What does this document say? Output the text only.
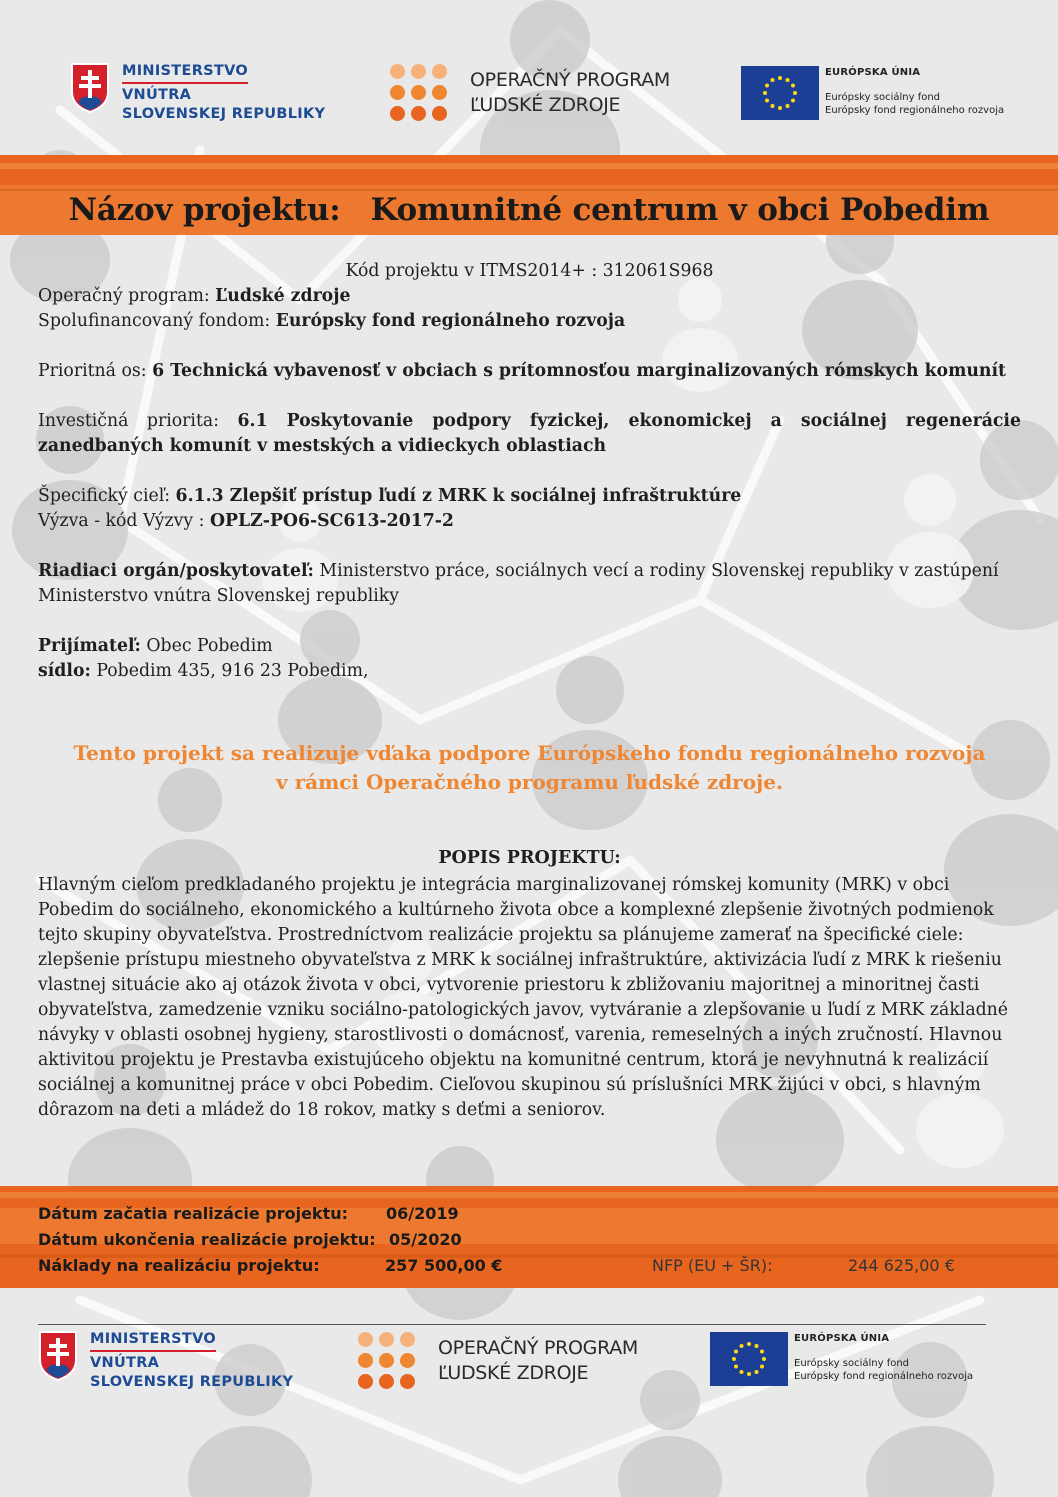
MINISTERSTVO
VNÚTRA
SLOVENSKEJ REPUBLIKY
OPERAČNÝ PROGRAM
ĽUDSKÉ ZDROJE
EURÓPSKA ÚNIA
Európsky sociálny fond
Európsky fond regionálneho rozvoja
Názov projektu: Komunitné centrum v obci Pobedim
Kód projektu v ITMS2014+ : 312061S968
Operačný program: Ľudské zdroje
Spolufinancovaný fondom: Európsky fond regionálneho rozvoja
Prioritná os: 6 Technická vybavenosť v obciach s prítomnosťou marginalizovaných rómskych komunít
Investičná priorita: 6.1 Poskytovanie podpory fyzickej, ekonomickej a sociálnej regenerácie zanedbaných komunít v mestských a vidieckych oblastiach
Špecifický cieľ: 6.1.3 Zlepšiť prístup ľudí z MRK k sociálnej infraštruktúre
Výzva - kód Výzvy : OPLZ-PO6-SC613-2017-2
Riadiaci orgán/poskytovateľ: Ministerstvo práce, sociálnych vecí a rodiny Slovenskej republiky v zastúpení Ministerstvo vnútra Slovenskej republiky
Prijímateľ: Obec Pobedim
sídlo: Pobedim 435, 916 23 Pobedim,
Tento projekt sa realizuje vďaka podpore Európskeho fondu regionálneho rozvoja
v rámci Operačného programu ľudské zdroje.
POPIS PROJEKTU:
Hlavným cieľom predkladaného projektu je integrácia marginalizovanej rómskej komunity (MRK) v obci Pobedim do sociálneho, ekonomického a kultúrneho života obce a komplexné zlepšenie životných podmienok tejto skupiny obyvateľstva. Prostredníctvom realizácie projektu sa plánujeme zamerať na špecifické ciele: zlepšenie prístupu miestneho obyvateľstva z MRK k sociálnej infraštruktúre, aktivizácia ľudí z MRK k riešeniu vlastnej situácie ako aj otázok života v obci, vytvorenie priestoru k zbližovaniu majoritnej a minoritnej časti obyvateľstva, zamedzenie vzniku sociálno-patologických javov, vytváranie a zlepšovanie u ľudí z MRK základné návyky v oblasti osobnej hygieny, starostlivosti o domácnosť, varenia, remeselných a iných zručností. Hlavnou aktivitou projektu je Prestavba existujúceho objektu na komunitné centrum, ktorá je nevyhnutná k realizácií sociálnej a komunitnej práce v obci Pobedim. Cieľovou skupinou sú príslušníci MRK žijúci v obci, s hlavným dôrazom na deti a mládež do 18 rokov, matky s deťmi a seniorov.
Dátum začatia realizácie projektu: 06/2019
Dátum ukončenia realizácie projektu: 05/2020
Náklady na realizáciu projektu:	257 500,00 €	NFP (EU + ŠR):	244 625,00 €
MINISTERSTVO
VNÚTRA
SLOVENSKEJ REPUBLIKY
OPERAČNÝ PROGRAM
ĽUDSKÉ ZDROJE
EURÓPSKA ÚNIA
Európsky sociálny fond
Európsky fond regionálneho rozvoja
